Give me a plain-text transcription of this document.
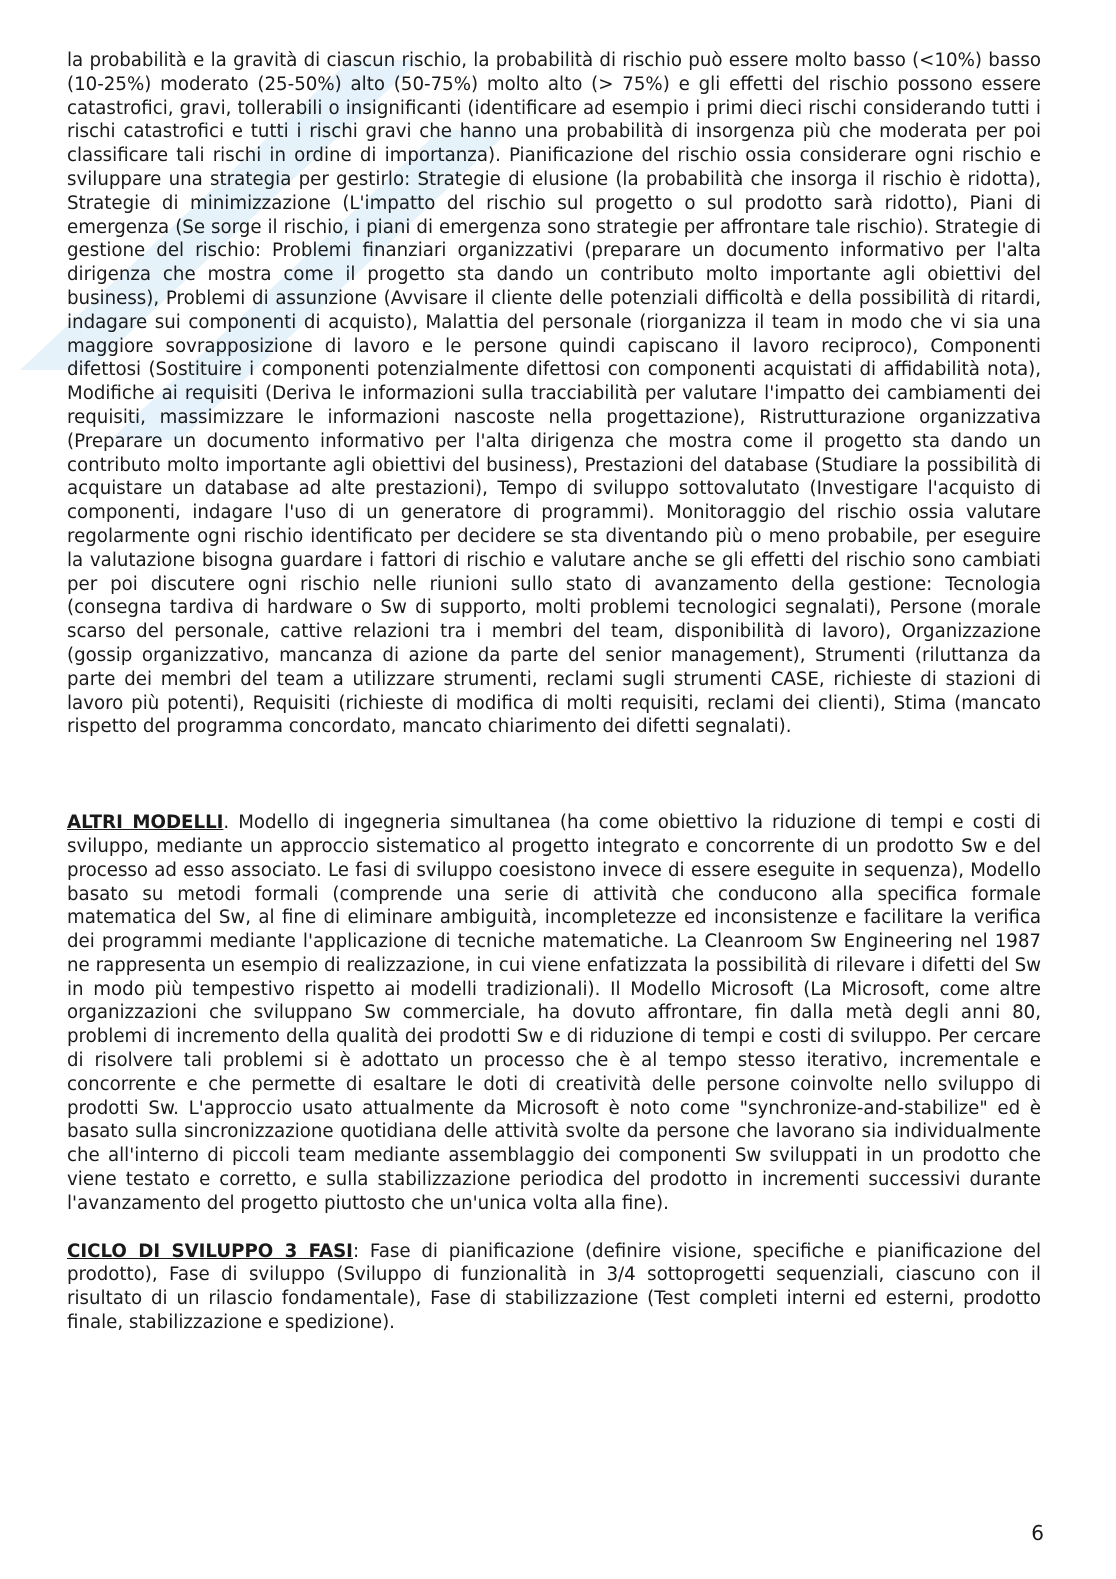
la probabilità e la gravità di ciascun rischio, la probabilità di rischio può essere molto basso (<10%) basso (10-25%) moderato (25-50%) alto (50-75%) molto alto (> 75%) e gli effetti del rischio possono essere catastrofici, gravi, tollerabili o insignificanti (identificare ad esempio i primi dieci rischi considerando tutti i rischi catastrofici e tutti i rischi gravi che hanno una probabilità di insorgenza più che moderata per poi classificare tali rischi in ordine di importanza). Pianificazione del rischio ossia considerare ogni rischio e sviluppare una strategia per gestirlo: Strategie di elusione (la probabilità che insorga il rischio è ridotta), Strategie di minimizzazione (L'impatto del rischio sul progetto o sul prodotto sarà ridotto), Piani di emergenza (Se sorge il rischio, i piani di emergenza sono strategie per affrontare tale rischio). Strategie di gestione del rischio: Problemi finanziari organizzativi (preparare un documento informativo per l'alta dirigenza che mostra come il progetto sta dando un contributo molto importante agli obiettivi del business), Problemi di assunzione (Avvisare il cliente delle potenziali difficoltà e della possibilità di ritardi, indagare sui componenti di acquisto), Malattia del personale (riorganizza il team in modo che vi sia una maggiore sovrapposizione di lavoro e le persone quindi capiscano il lavoro reciproco), Componenti difettosi (Sostituire i componenti potenzialmente difettosi con componenti acquistati di affidabilità nota), Modifiche ai requisiti (Deriva le informazioni sulla tracciabilità per valutare l'impatto dei cambiamenti dei requisiti, massimizzare le informazioni nascoste nella progettazione), Ristrutturazione organizzativa (Preparare un documento informativo per l'alta dirigenza che mostra come il progetto sta dando un contributo molto importante agli obiettivi del business), Prestazioni del database (Studiare la possibilità di acquistare un database ad alte prestazioni), Tempo di sviluppo sottovalutato (Investigare l'acquisto di componenti, indagare l'uso di un generatore di programmi). Monitoraggio del rischio ossia valutare regolarmente ogni rischio identificato per decidere se sta diventando più o meno probabile, per eseguire la valutazione bisogna guardare i fattori di rischio e valutare anche se gli effetti del rischio sono cambiati per poi discutere ogni rischio nelle riunioni sullo stato di avanzamento della gestione: Tecnologia (consegna tardiva di hardware o Sw di supporto, molti problemi tecnologici segnalati), Persone (morale scarso del personale, cattive relazioni tra i membri del team, disponibilità di lavoro), Organizzazione (gossip organizzativo, mancanza di azione da parte del senior management), Strumenti (riluttanza da parte dei membri del team a utilizzare strumenti, reclami sugli strumenti CASE, richieste di stazioni di lavoro più potenti), Requisiti (richieste di modifica di molti requisiti, reclami dei clienti), Stima (mancato rispetto del programma concordato, mancato chiarimento dei difetti segnalati).

ALTRI MODELLI. Modello di ingegneria simultanea (ha come obiettivo la riduzione di tempi e costi di sviluppo, mediante un approccio sistematico al progetto integrato e concorrente di un prodotto Sw e del processo ad esso associato. Le fasi di sviluppo coesistono invece di essere eseguite in sequenza), Modello basato su metodi formali (comprende una serie di attività che conducono alla specifica formale matematica del Sw, al fine di eliminare ambiguità, incompletezze ed inconsistenze e facilitare la verifica dei programmi mediante l'applicazione di tecniche matematiche. La Cleanroom Sw Engineering nel 1987 ne rappresenta un esempio di realizzazione, in cui viene enfatizzata la possibilità di rilevare i difetti del Sw in modo più tempestivo rispetto ai modelli tradizionali). Il Modello Microsoft (La Microsoft, come altre organizzazioni che sviluppano Sw commerciale, ha dovuto affrontare, fin dalla metà degli anni 80, problemi di incremento della qualità dei prodotti Sw e di riduzione di tempi e costi di sviluppo. Per cercare di risolvere tali problemi si è adottato un processo che è al tempo stesso iterativo, incrementale e concorrente e che permette di esaltare le doti di creatività delle persone coinvolte nello sviluppo di prodotti Sw. L'approccio usato attualmente da Microsoft è noto come "synchronize-and-stabilize" ed è basato sulla sincronizzazione quotidiana delle attività svolte da persone che lavorano sia individualmente che all'interno di piccoli team mediante assemblaggio dei componenti Sw sviluppati in un prodotto che viene testato e corretto, e sulla stabilizzazione periodica del prodotto in incrementi successivi durante l'avanzamento del progetto piuttosto che un'unica volta alla fine).

CICLO DI SVILUPPO 3 FASI: Fase di pianificazione (definire visione, specifiche e pianificazione del prodotto), Fase di sviluppo (Sviluppo di funzionalità in 3/4 sottoprogetti sequenziali, ciascuno con il risultato di un rilascio fondamentale), Fase di stabilizzazione (Test completi interni ed esterni, prodotto finale, stabilizzazione e spedizione).

6
